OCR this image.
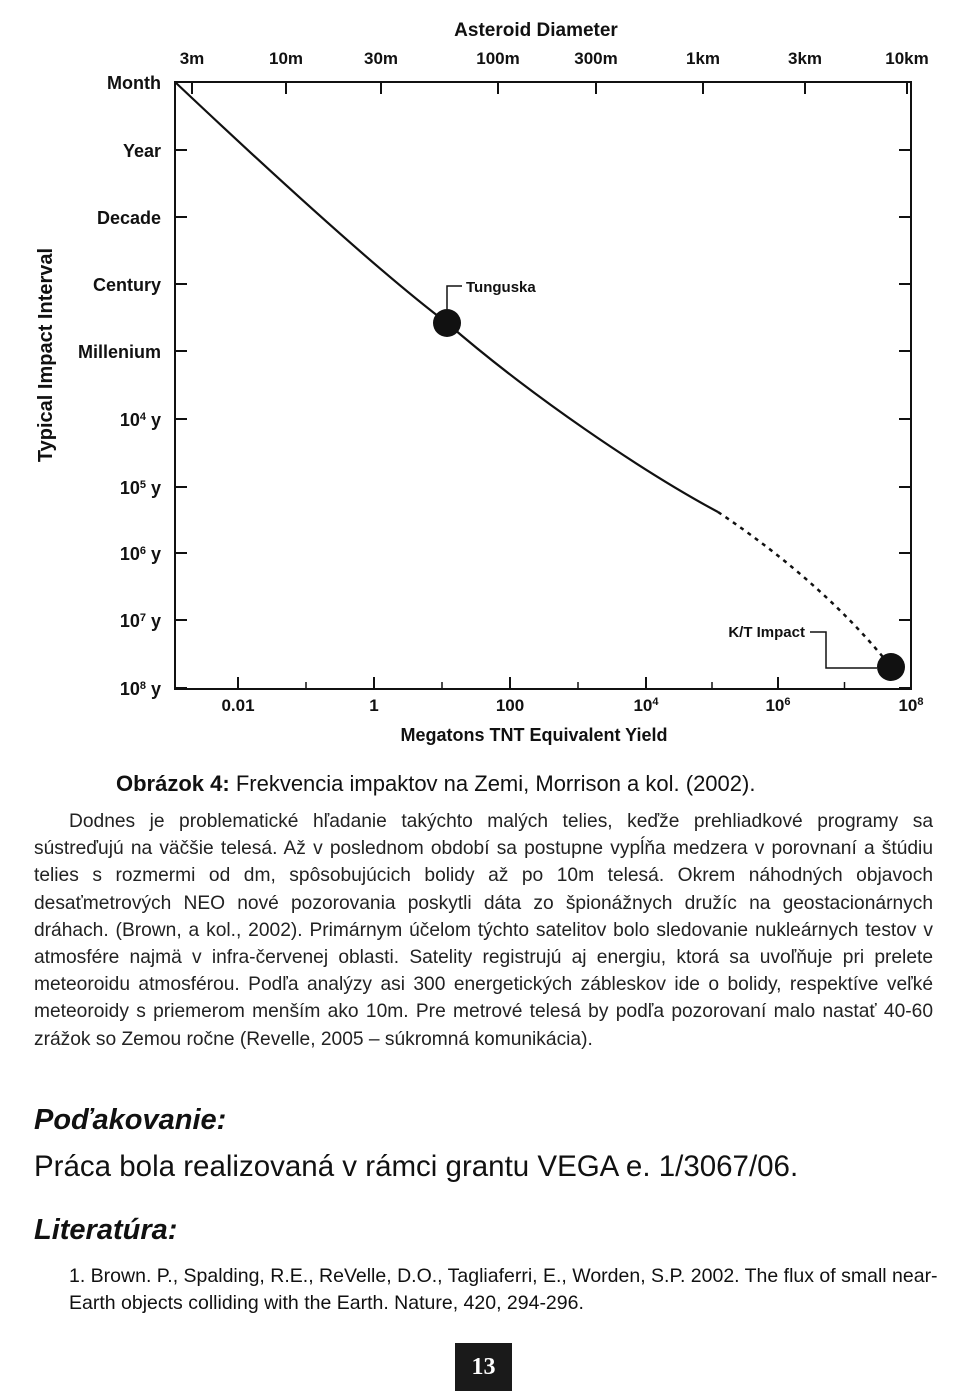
Asteroid Diameter
3m	10m	30m	100m	300m	1km	3km	10km
Month
Year
Decade
Century
Millenium
$10^4$ y
$10^5$ y
$10^6$ y
$10^7$ y
$10^8$ y
0.01	1	100	$10^4$	$10^6$	$10^8$
Typical Impact Interval	Tunguska
K/T Impact
Megatons TNT Equivalent Yield
Obrázok 4: Frekvencia impaktov na Zemi, Morrison a kol. (2002).

Dodnes je problematické hľadanie takýchto malých telies, keďže prehliadkové programy sa sústreďujú na väčšie telesá. Až v poslednom období sa postupne vypĺňa medzera v porovnaní a štúdiu telies s rozmermi od dm, spôsobujúcich bolidy až po 10m telesá. Okrem náhodných objavoch desaťmetrových NEO nové pozorovania poskytli dáta zo špionážnych družíc na geostacionárnych dráhach. (Brown, a kol., 2002). Primárnym účelom týchto satelitov bolo sledovanie nukleárnych testov v atmosfére najmä v infra-červenej oblasti. Satelity registrujú aj energiu, ktorá sa uvoľňuje pri prelete meteoroidu atmosférou. Podľa analýzy asi 300 energetických zábleskov ide o bolidy, respektíve veľké meteoroidy s priemerom menším ako 10m. Pre metrové telesá by podľa pozorovaní malo nastať 40-60 zrážok so Zemou ročne (Revelle, 2005 – súkromná komunikácia).

Poďakovanie:

Práca bola realizovaná v rámci grantu VEGA e. 1/3067/06.

Literatúra:

1. Brown. P., Spalding, R.E., ReVelle, D.O., Tagliaferri, E., Worden, S.P. 2002. The flux of small near-Earth objects colliding with the Earth. Nature, 420, 294-296.

13
